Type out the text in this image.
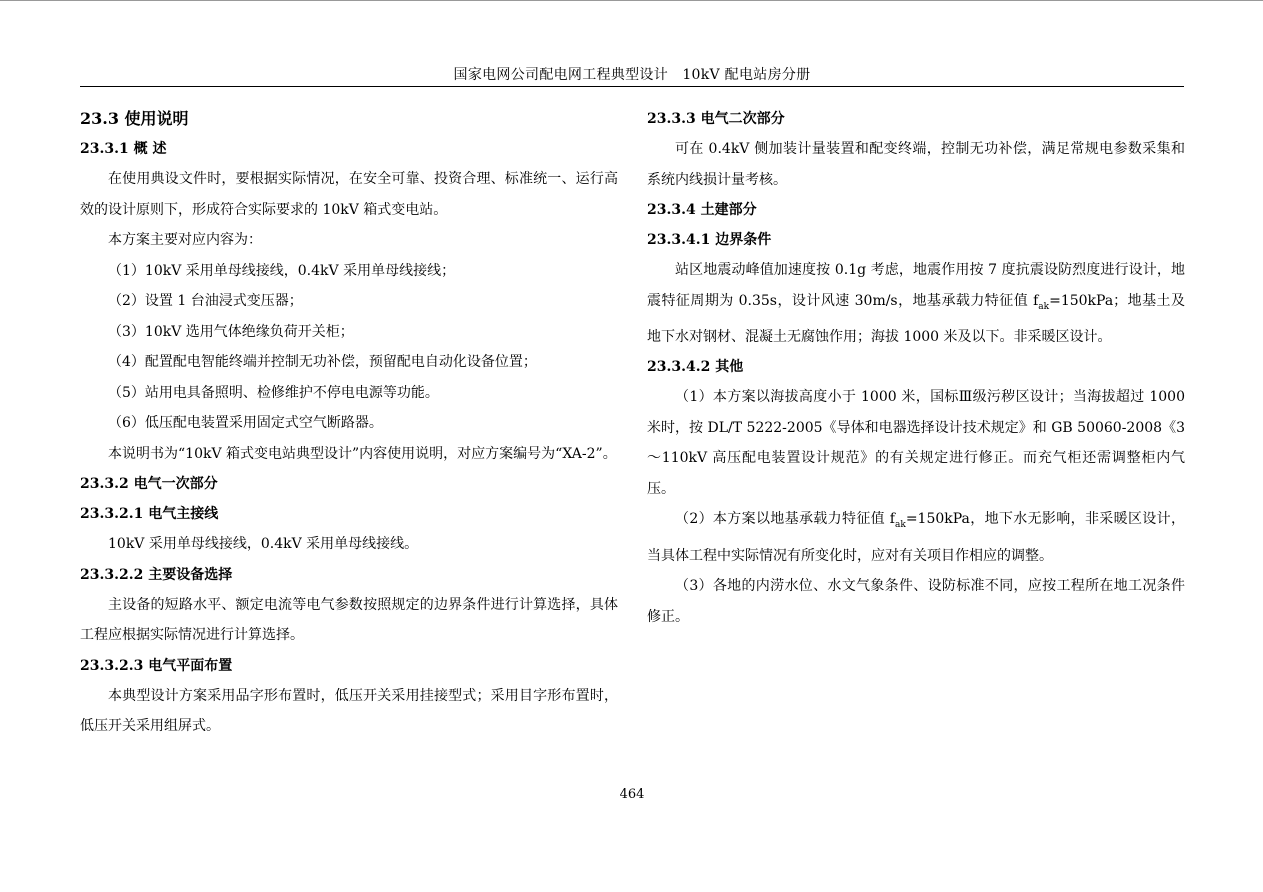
国家电网公司配电网工程典型设计　10kV 配电站房分册
23.3 使用说明
23.3.1 概 述
在使用典设文件时，要根据实际情况，在安全可靠、投资合理、标准统一、运行高效的设计原则下，形成符合实际要求的 10kV 箱式变电站。
本方案主要对应内容为：
（1）10kV 采用单母线接线，0.4kV 采用单母线接线；
（2）设置 1 台油浸式变压器；
（3）10kV 选用气体绝缘负荷开关柜；
（4）配置配电智能终端并控制无功补偿，预留配电自动化设备位置；
（5）站用电具备照明、检修维护不停电电源等功能。
（6）低压配电装置采用固定式空气断路器。
本说明书为“10kV 箱式变电站典型设计”内容使用说明，对应方案编号为“XA-2”。
23.3.2 电气一次部分
23.3.2.1 电气主接线
10kV 采用单母线接线，0.4kV 采用单母线接线。
23.3.2.2 主要设备选择
主设备的短路水平、额定电流等电气参数按照规定的边界条件进行计算选择，具体工程应根据实际情况进行计算选择。
23.3.2.3 电气平面布置
本典型设计方案采用品字形布置时，低压开关采用挂接型式；采用目字形布置时，低压开关采用组屏式。
23.3.3 电气二次部分
可在 0.4kV 侧加装计量装置和配变终端，控制无功补偿，满足常规电参数采集和系统内线损计量考核。
23.3.4 土建部分
23.3.4.1 边界条件
站区地震动峰值加速度按 0.1g 考虑，地震作用按 7 度抗震设防烈度进行设计，地震特征周期为 0.35s，设计风速 30m/s，地基承载力特征值 $f_{ak}=150kPa$；地基土及地下水对钢材、混凝土无腐蚀作用；海拔 1000 米及以下。非采暖区设计。
23.3.4.2 其他
（1）本方案以海拔高度小于 1000 米，国标Ⅲ级污秽区设计；当海拔超过 1000 米时，按 DL/T 5222-2005《导体和电器选择设计技术规定》和 GB 50060-2008《3～110kV 高压配电装置设计规范》的有关规定进行修正。而充气柜还需调整柜内气压。
（2）本方案以地基承载力特征值 $f_{ak}=150kPa$，地下水无影响，非采暖区设计，当具体工程中实际情况有所变化时，应对有关项目作相应的调整。
（3）各地的内涝水位、水文气象条件、设防标准不同，应按工程所在地工况条件修正。
464
